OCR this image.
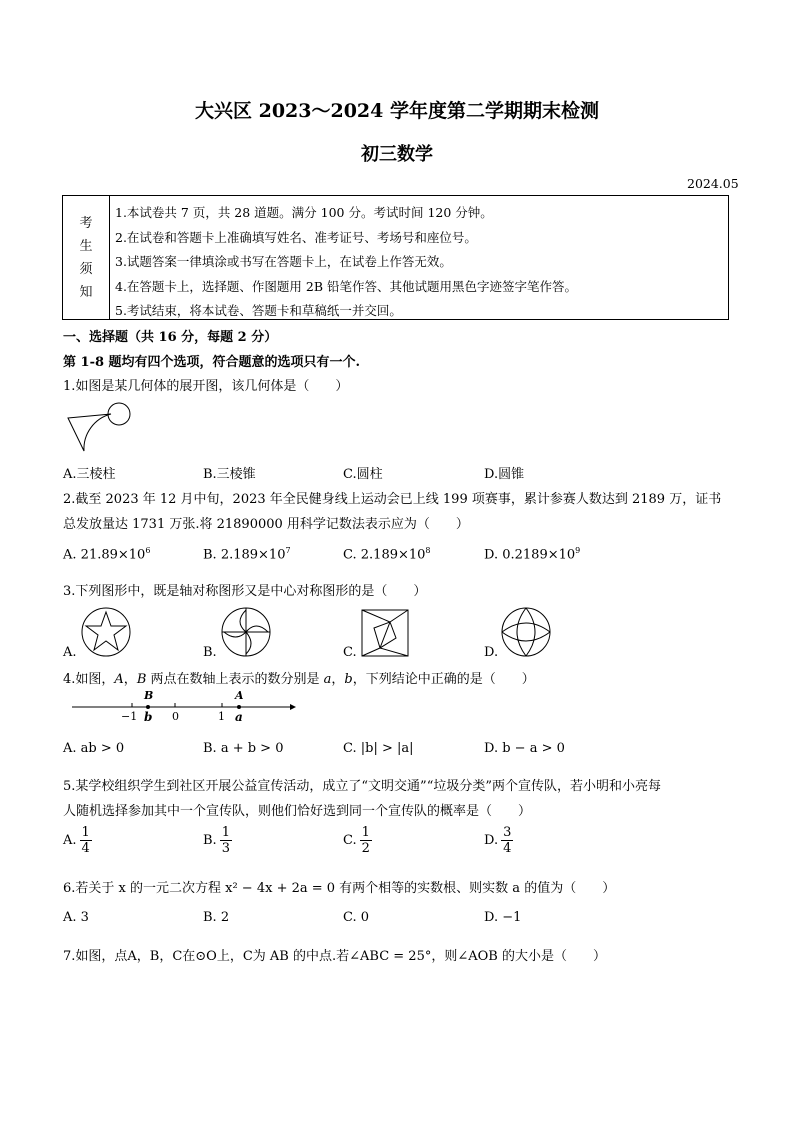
大兴区 2023～2024 学年度第二学期期末检测
初三数学
2024.05
考
生
须
知
1.本试卷共 7 页，共 28 道题。满分 100 分。考试时间 120 分钟。
2.在试卷和答题卡上准确填写姓名、准考证号、考场号和座位号。
3.试题答案一律填涂或书写在答题卡上，在试卷上作答无效。
4.在答题卡上，选择题、作图题用 2B 铅笔作答、其他试题用黑色字迹签字笔作答。
5.考试结束，将本试卷、答题卡和草稿纸一并交回。
一、选择题（共 16 分，每题 2 分）
第 1-8 题均有四个选项，符合题意的选项只有一个.
1.如图是某几何体的展开图，该几何体是（　　）
A.三棱柱	B.三棱锥	C.圆柱	D.圆锥
2.截至 2023 年 12 月中旬，2023 年全民健身线上运动会已上线 199 项赛事，累计参赛人数达到 2189 万，证书
总发放量达 1731 万张.将 21890000 用科学记数法表示应为（　　）
A. $21.89\times 10^6$	B. $2.189\times 10^7$	C. $2.189\times 10^8$	D. $0.2189\times 10^9$
3.下列图形中，既是轴对称图形又是中心对称图形的是（　　）
A.	B.	C.	D.
4.如图，A，B 两点在数轴上表示的数分别是 a，b，下列结论中正确的是（　　）
B	A
−1	0	1
b	a
A. ab > 0	B. a + b > 0	C. |b| > |a|	D. b − a > 0
5.某学校组织学生到社区开展公益宣传活动，成立了“文明交通”“垃圾分类”两个宣传队，若小明和小亮每
人随机选择参加其中一个宣传队，则他们恰好选到同一个宣传队的概率是（　　）
A. $\frac{1}{4}$	B. $\frac{1}{3}$	C. $\frac{1}{2}$	D. $\frac{3}{4}$
6.若关于 x 的一元二次方程 x² − 4x + 2a = 0 有两个相等的实数根、则实数 a 的值为（　　）
A. 3	B. 2	C. 0	D. −1
7.如图，点A，B，C在⊙O上，C为 AB 的中点.若∠ABC = 25°，则∠AOB 的大小是（　　）
